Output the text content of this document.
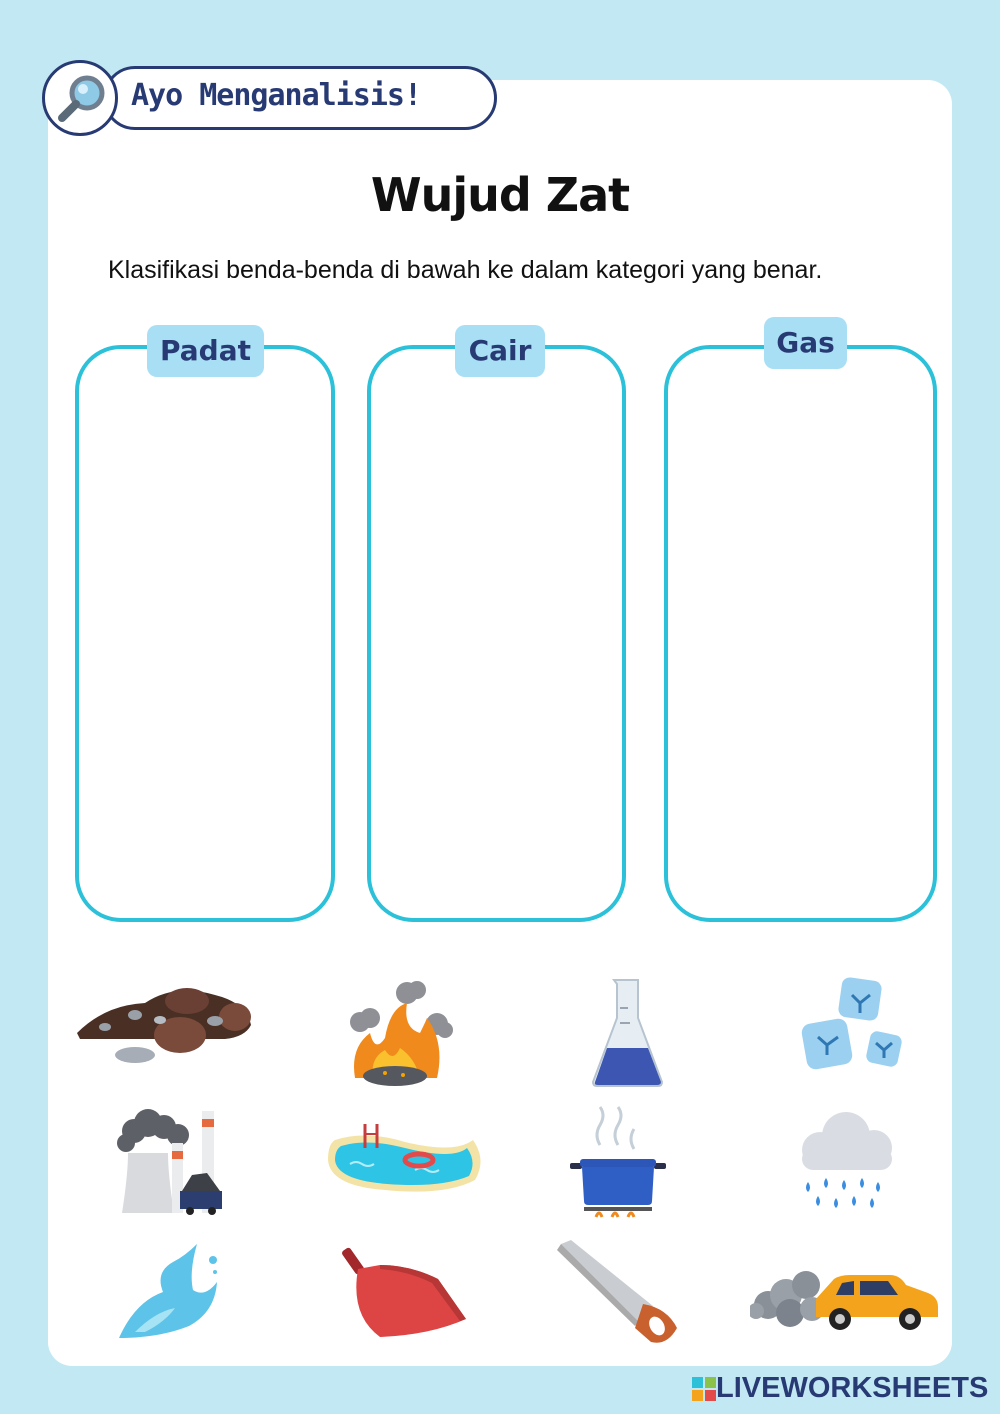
Ayo Menganalisis!
Wujud Zat
Klasifikasi benda-benda di bawah ke dalam kategori yang benar.
Padat	Cair	Gas
LIVEWORKSHEETS
